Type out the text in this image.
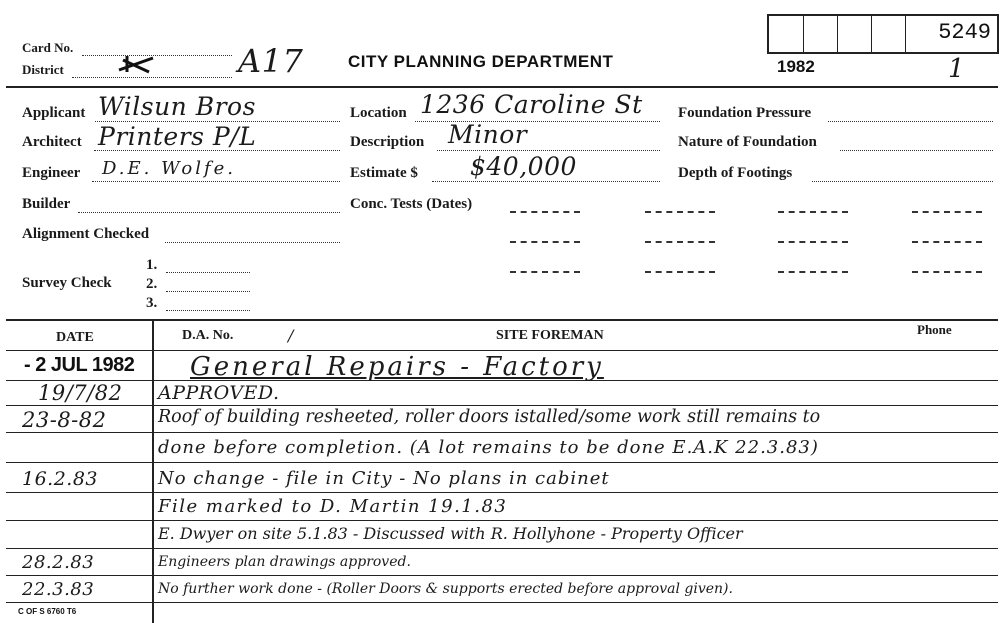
Card No.
District	A17	CITY PLANNING DEPARTMENT	1982	1
5249
Applicant Wilsun Bros
Architect Printers P/L
Engineer D.E. Wolfe.
Builder
Alignment Checked
Survey Check
1.
2.
3.
Location 1236 Caroline St
Description Minor
Estimate $ $40,000
Conc. Tests (Dates)
Foundation Pressure
Nature of Foundation
Depth of Footings
DATE	D.A. No.	/	SITE FOREMAN	Phone
- 2 JUL 1982 General Repairs - Factory
19/7/82 APPROVED.
23-8-82	Roof of building resheeted, roller doors istalled/some work still remains to
done before completion. (A lot remains to be done E.A.K 22.3.83)
16.2.83	No change - file in City - No plans in cabinet
File marked to D. Martin 19.1.83
E. Dwyer on site 5.1.83 - Discussed with R. Hollyhone - Property Officer
28.2.83	Engineers plan drawings approved.
22.3.83	No further work done - (Roller Doors & supports erected before approval given).
C OF S 6760 T6
